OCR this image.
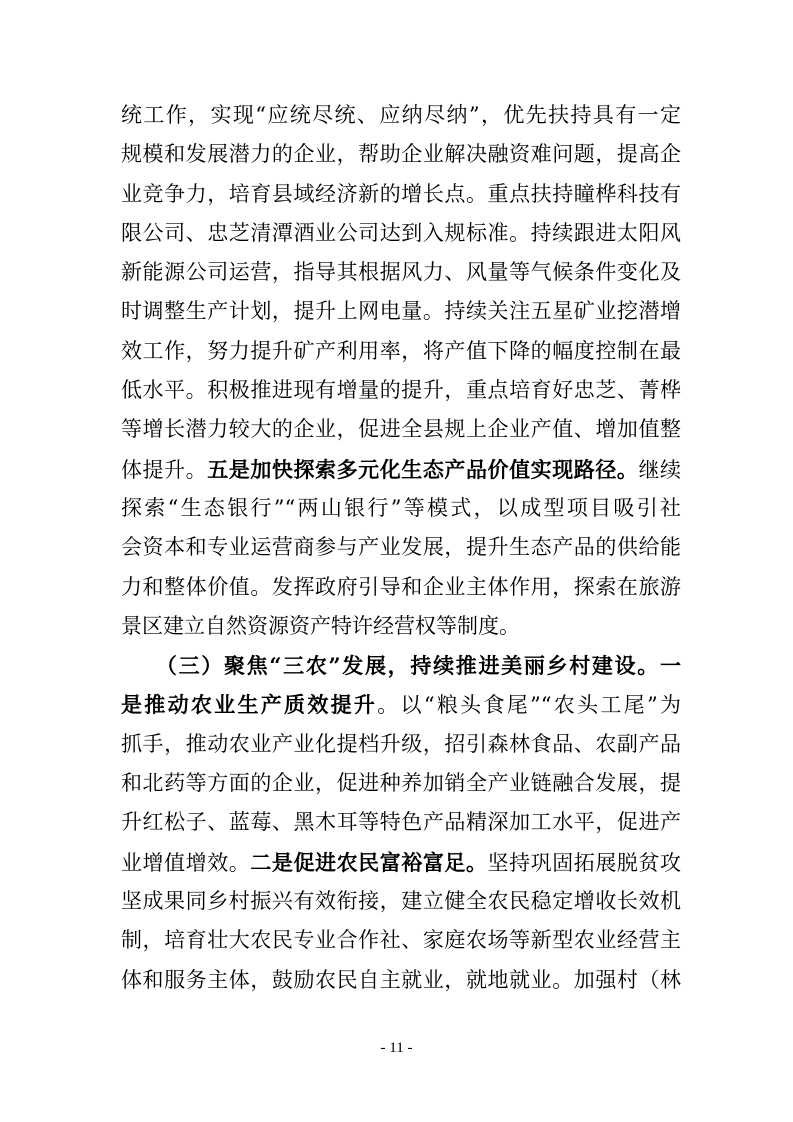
统工作，实现“应统尽统、应纳尽纳”，优先扶持具有一定
规模和发展潜力的企业，帮助企业解决融资难问题，提高企
业竞争力，培育县域经济新的增长点。重点扶持瞳桦科技有
限公司、忠芝清潭酒业公司达到入规标准。持续跟进太阳风
新能源公司运营，指导其根据风力、风量等气候条件变化及
时调整生产计划，提升上网电量。持续关注五星矿业挖潜增
效工作，努力提升矿产利用率，将产值下降的幅度控制在最
低水平。积极推进现有增量的提升，重点培育好忠芝、菁桦
等增长潜力较大的企业，促进全县规上企业产值、增加值整
体提升。五是加快探索多元化生态产品价值实现路径。继续
探索“生态银行”“两山银行”等模式，以成型项目吸引社
会资本和专业运营商参与产业发展，提升生态产品的供给能
力和整体价值。发挥政府引导和企业主体作用，探索在旅游
景区建立自然资源资产特许经营权等制度。
　　（三）聚焦“三农”发展，持续推进美丽乡村建设。一
是推动农业生产质效提升。以“粮头食尾”“农头工尾”为
抓手，推动农业产业化提档升级，招引森林食品、农副产品
和北药等方面的企业，促进种养加销全产业链融合发展，提
升红松子、蓝莓、黑木耳等特色产品精深加工水平，促进产
业增值增效。二是促进农民富裕富足。坚持巩固拓展脱贫攻
坚成果同乡村振兴有效衔接，建立健全农民稳定增收长效机
制，培育壮大农民专业合作社、家庭农场等新型农业经营主
体和服务主体，鼓励农民自主就业，就地就业。加强村（林
- 11 -
